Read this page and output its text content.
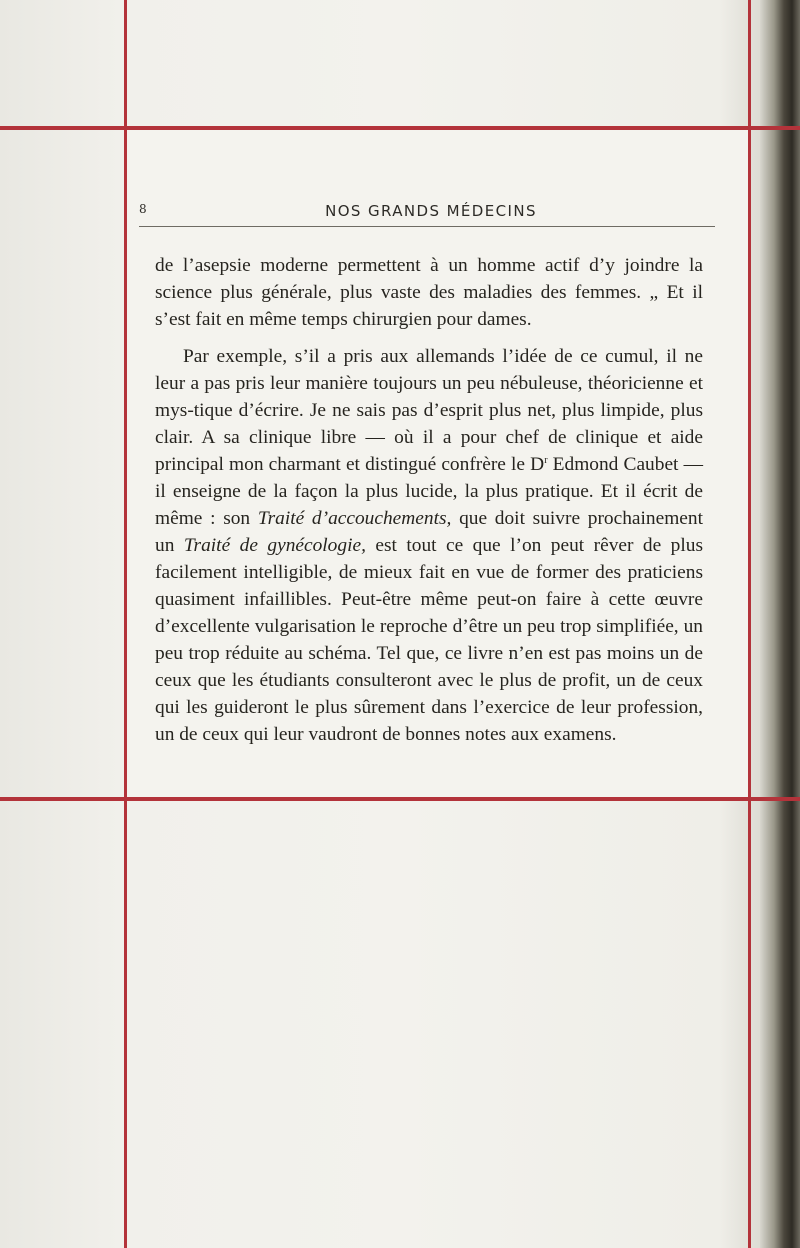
8	NOS GRANDS MÉDECINS

de l’asepsie moderne permettent à un homme actif d’y joindre la science plus générale, plus vaste des maladies des femmes. „ Et il s’est fait en même temps chirurgien pour dames.

Par exemple, s’il a pris aux allemands l’idée de ce cumul, il ne leur a pas pris leur manière toujours un peu nébuleuse, théoricienne et mys-tique d’écrire. Je ne sais pas d’esprit plus net, plus limpide, plus clair. A sa clinique libre — où il a pour chef de clinique et aide principal mon charmant et distingué confrère le $D^r$ Edmond Caubet — il enseigne de la façon la plus lucide, la plus pratique. Et il écrit de même : son Traité d’accouchements, que doit suivre prochainement un Traité de gynécologie, est tout ce que l’on peut rêver de plus facilement intelligible, de mieux fait en vue de former des praticiens quasiment infaillibles. Peut-être même peut-on faire à cette œuvre d’excellente vulgarisation le reproche d’être un peu trop simplifiée, un peu trop réduite au schéma. Tel que, ce livre n’en est pas moins un de ceux que les étudiants consulteront avec le plus de profit, un de ceux qui les guideront le plus sûrement dans l’exercice de leur profession, un de ceux qui leur vaudront de bonnes notes aux examens.
